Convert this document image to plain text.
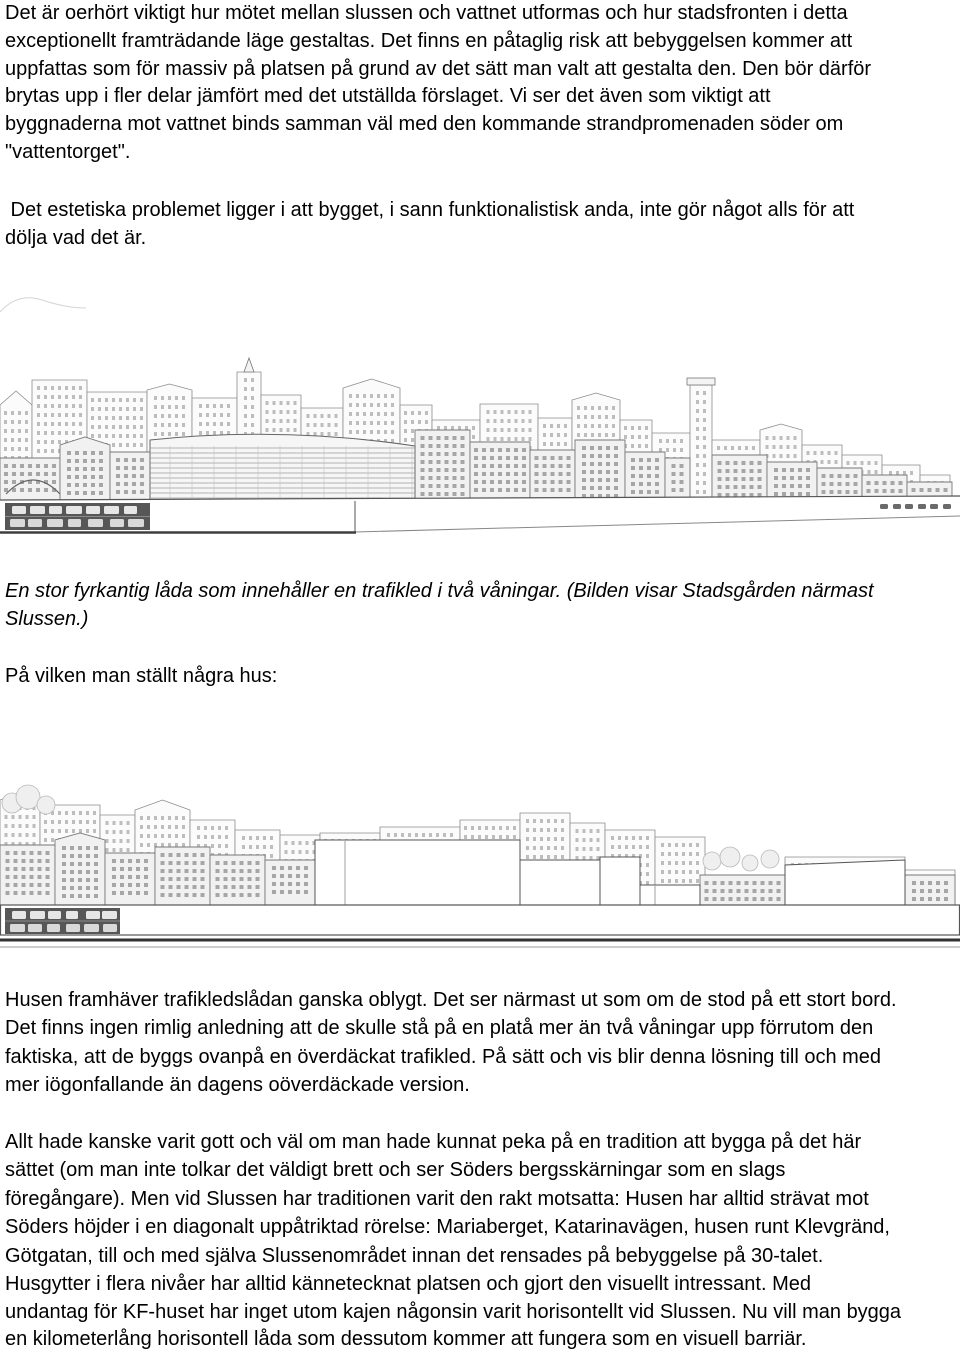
Det är oerhört viktigt hur mötet mellan slussen och vattnet utformas och hur stadsfronten i detta
exceptionellt framträdande läge gestaltas. Det finns en påtaglig risk att bebyggelsen kommer att
uppfattas som för massiv på platsen på grund av det sätt man valt att gestalta den. Den bör därför
brytas upp i fler delar jämfört med det utställda förslaget. Vi ser det även som viktigt att
byggnaderna mot vattnet binds samman väl med den kommande strandpromenaden söder om
"vattentorget".
Det estetiska problemet ligger i att bygget, i sann funktionalistisk anda, inte gör något alls för att
dölja vad det är.
En stor fyrkantig låda som innehåller en trafikled i två våningar. (Bilden visar Stadsgården närmast
Slussen.)
På vilken man ställt några hus:
Husen framhäver trafikledslådan ganska oblygt. Det ser närmast ut som om de stod på ett stort bord.
Det finns ingen rimlig anledning att de skulle stå på en platå mer än två våningar upp förrutom den
faktiska, att de byggs ovanpå en överdäckat trafikled. På sätt och vis blir denna lösning till och med
mer iögonfallande än dagens oöverdäckade version.
Allt hade kanske varit gott och väl om man hade kunnat peka på en tradition att bygga på det här
sättet (om man inte tolkar det väldigt brett och ser Söders bergsskärningar som en slags
föregångare). Men vid Slussen har traditionen varit den rakt motsatta: Husen har alltid strävat mot
Söders höjder i en diagonalt uppåtriktad rörelse: Mariaberget, Katarinavägen, husen runt Klevgränd,
Götgatan, till och med själva Slussenområdet innan det rensades på bebyggelse på 30-talet.
Husgytter i flera nivåer har alltid kännetecknat platsen och gjort den visuellt intressant. Med
undantag för KF-huset har inget utom kajen någonsin varit horisontellt vid Slussen. Nu vill man bygga
en kilometerlång horisontell låda som dessutom kommer att fungera som en visuell barriär.
